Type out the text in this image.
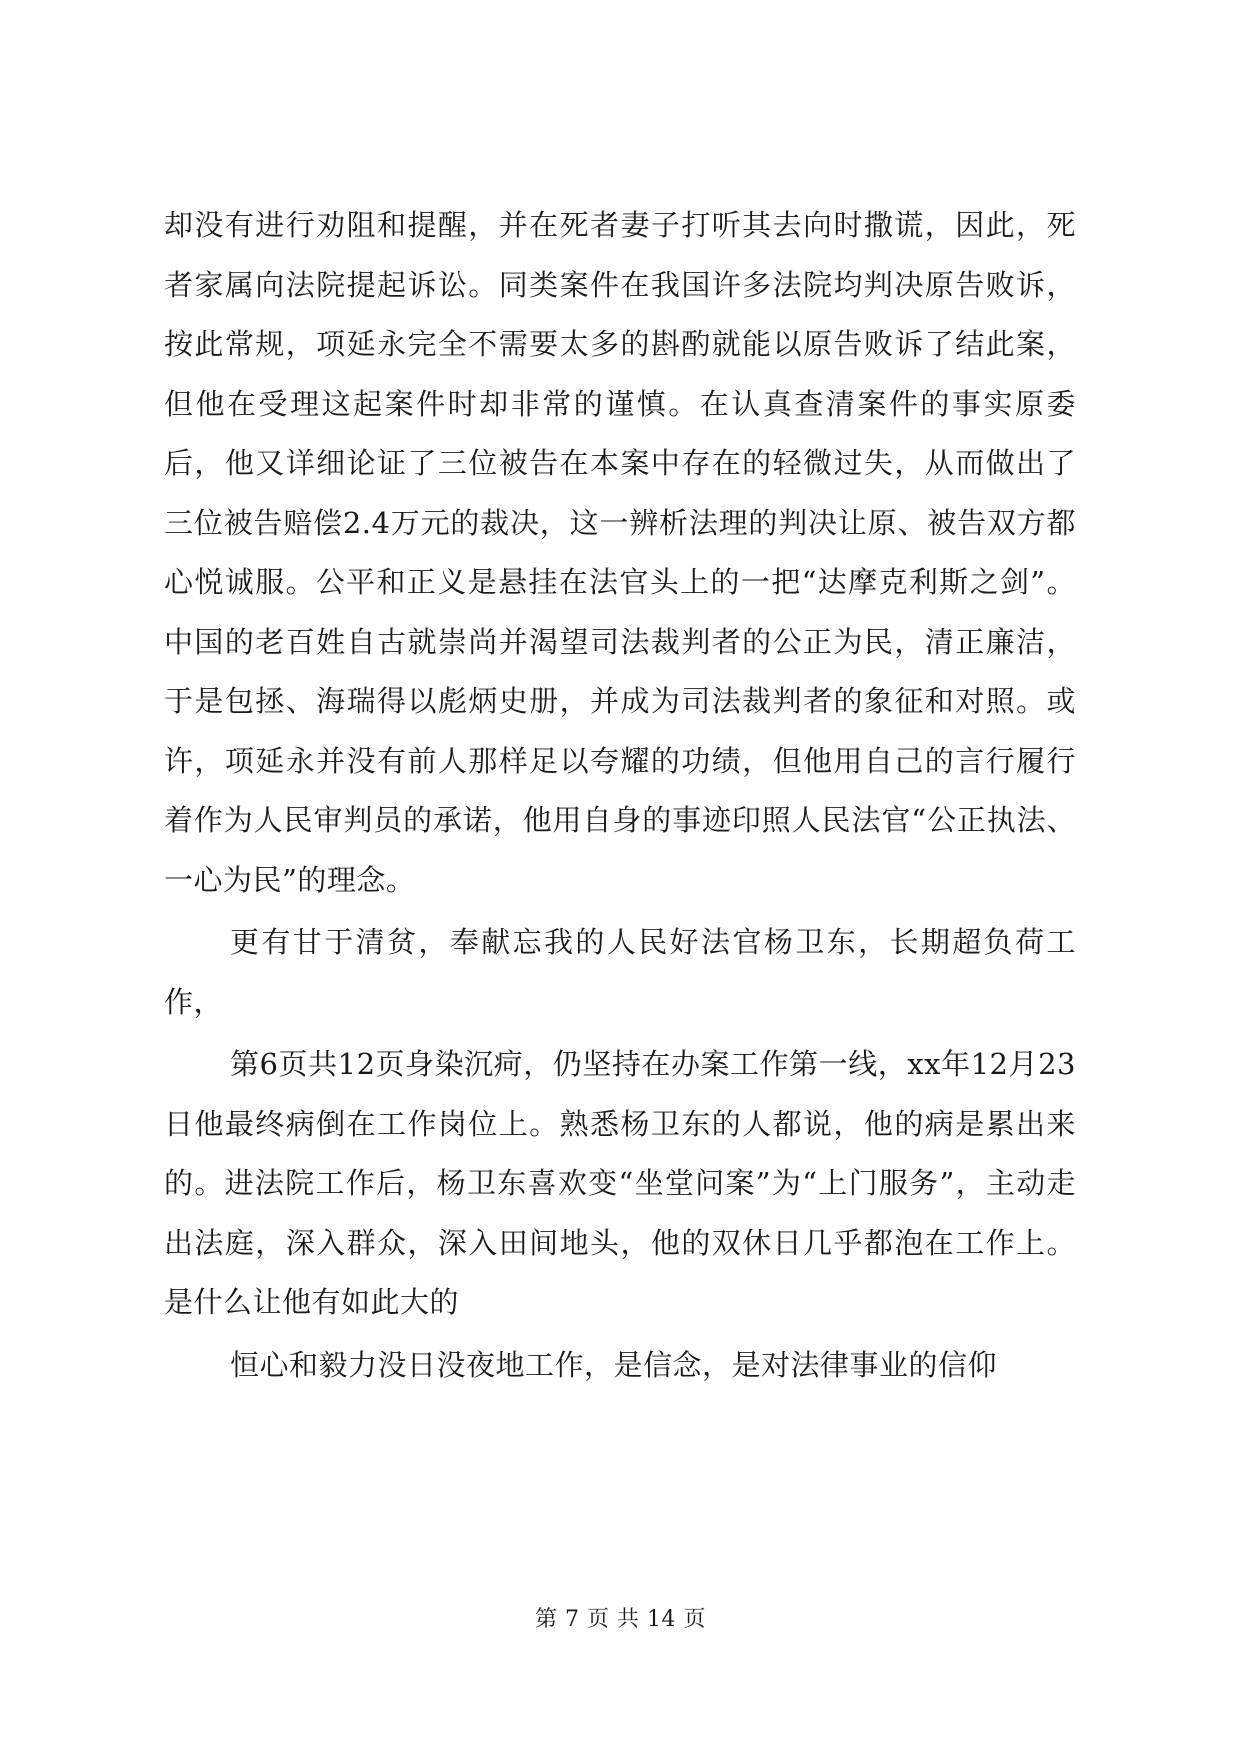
却没有进行劝阻和提醒，并在死者妻子打听其去向时撒谎，因此，死者家属向法院提起诉讼。同类案件在我国许多法院均判决原告败诉，按此常规，项延永完全不需要太多的斟酌就能以原告败诉了结此案，但他在受理这起案件时却非常的谨慎。在认真查清案件的事实原委后，他又详细论证了三位被告在本案中存在的轻微过失，从而做出了三位被告赔偿2.4万元的裁决，这一辨析法理的判决让原、被告双方都心悦诚服。公平和正义是悬挂在法官头上的一把“达摩克利斯之剑”。中国的老百姓自古就崇尚并渴望司法裁判者的公正为民，清正廉洁，于是包拯、海瑞得以彪炳史册，并成为司法裁判者的象征和对照。或许，项延永并没有前人那样足以夸耀的功绩，但他用自己的言行履行着作为人民审判员的承诺，他用自身的事迹印照人民法官“公正执法、一心为民”的理念。

更有甘于清贫，奉献忘我的人民好法官杨卫东，长期超负荷工作，

第6页共12页身染沉疴，仍坚持在办案工作第一线，xx年12月23日他最终病倒在工作岗位上。熟悉杨卫东的人都说，他的病是累出来的。进法院工作后，杨卫东喜欢变“坐堂问案”为“上门服务”，主动走出法庭，深入群众，深入田间地头，他的双休日几乎都泡在工作上。是什么让他有如此大的

恒心和毅力没日没夜地工作，是信念，是对法律事业的信仰

第 7 页 共 14 页
